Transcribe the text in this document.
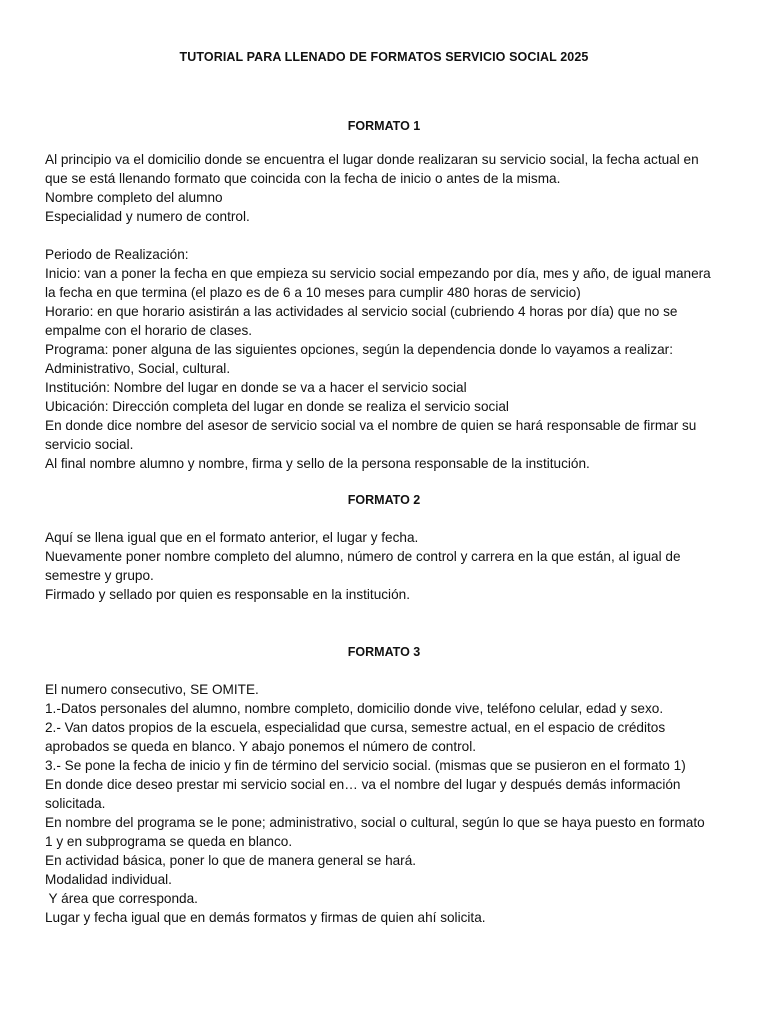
TUTORIAL PARA LLENADO DE FORMATOS SERVICIO SOCIAL 2025
FORMATO 1
Al principio va el domicilio donde se encuentra el lugar donde realizaran su servicio social, la fecha actual en
que se está llenando formato que coincida con la fecha de inicio o antes de la misma.
Nombre completo del alumno
Especialidad y numero de control.
Periodo de Realización:
Inicio: van a poner la fecha en que empieza su servicio social empezando por día, mes y año, de igual manera
la fecha en que termina (el plazo es de 6 a 10 meses para cumplir 480 horas de servicio)
Horario: en que horario asistirán a las actividades al servicio social (cubriendo 4 horas por día) que no se
empalme con el horario de clases.
Programa: poner alguna de las siguientes opciones, según la dependencia donde lo vayamos a realizar:
Administrativo, Social, cultural.
Institución: Nombre del lugar en donde se va a hacer el servicio social
Ubicación: Dirección completa del lugar en donde se realiza el servicio social
En donde dice nombre del asesor de servicio social va el nombre de quien se hará responsable de firmar su
servicio social.
Al final nombre alumno y nombre, firma y sello de la persona responsable de la institución.
FORMATO 2
Aquí se llena igual que en el formato anterior, el lugar y fecha.
Nuevamente poner nombre completo del alumno, número de control y carrera en la que están, al igual de
semestre y grupo.
Firmado y sellado por quien es responsable en la institución.
FORMATO 3
El numero consecutivo, SE OMITE.
1.-Datos personales del alumno, nombre completo, domicilio donde vive, teléfono celular, edad y sexo.
2.- Van datos propios de la escuela, especialidad que cursa, semestre actual, en el espacio de créditos
aprobados se queda en blanco. Y abajo ponemos el número de control.
3.- Se pone la fecha de inicio y fin de término del servicio social. (mismas que se pusieron en el formato 1)
En donde dice deseo prestar mi servicio social en… va el nombre del lugar y después demás información
solicitada.
En nombre del programa se le pone; administrativo, social o cultural, según lo que se haya puesto en formato
1 y en subprograma se queda en blanco.
En actividad básica, poner lo que de manera general se hará.
Modalidad individual.
Y área que corresponda.
Lugar y fecha igual que en demás formatos y firmas de quien ahí solicita.
